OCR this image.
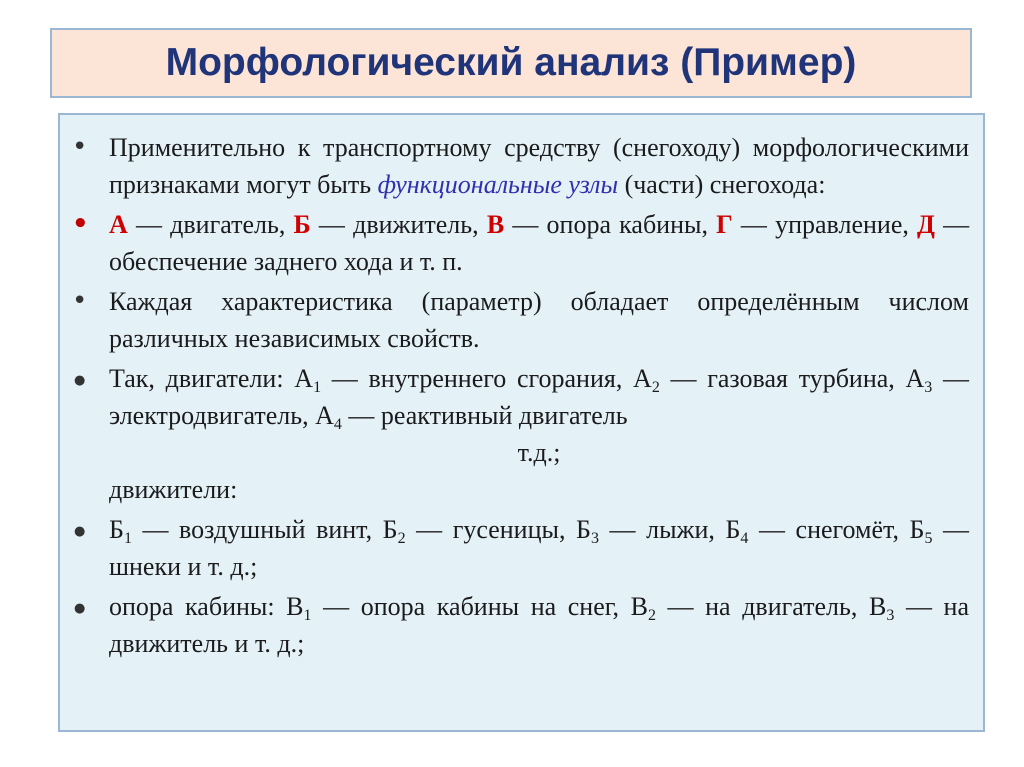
Морфологический анализ (Пример)
• Применительно к транспортному средству (снегоходу) морфологическими признаками могут быть функциональные узлы (части) снегохода:
• А — двигатель, Б — движитель, В — опора кабины, Г — управление, Д — обеспечение заднего хода и т. п.
• Каждая характеристика (параметр) обладает определённым числом различных независимых свойств.
● Так, двигатели: $А_1$ — внутреннего сгорания, $А_2$ — газовая турбина, $А_3$ — электродвигатель, $А_4$ — реактивный двигатель
т.д.;
движители:
● $Б_1$ — воздушный винт, $Б_2$ — гусеницы, $Б_3$ — лыжи, $Б_4$ — снегомёт, $Б_5$ — шнеки и т. д.;
● опора кабины: $В_1$ — опора кабины на снег, $В_2$ — на двигатель, $В_3$ — на движитель и т. д.;
